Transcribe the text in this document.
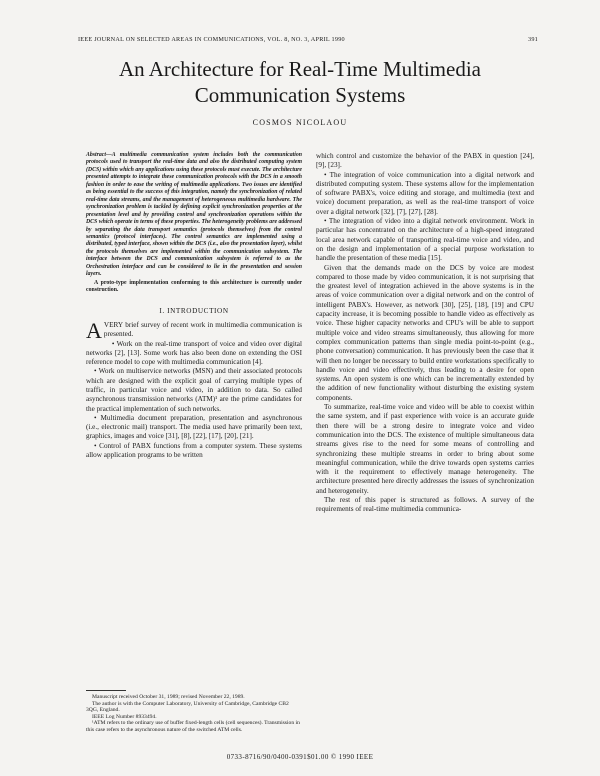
IEEE JOURNAL ON SELECTED AREAS IN COMMUNICATIONS, VOL. 8, NO. 3, APRIL 1990	391
An Architecture for Real-Time Multimedia Communication Systems
COSMOS NICOLAOU

Abstract—A multimedia communication system includes both the communication protocols used to transport the real-time data and also the distributed computing system (DCS) within which any applications using these protocols must execute. The architecture presented attempts to integrate these communication protocols with the DCS in a smooth fashion in order to ease the writing of multimedia applications. Two issues are identified as being essential to the success of this integration, namely the synchronization of related real-time data streams, and the management of heterogeneous multimedia hardware. The synchronization problem is tackled by defining explicit synchronization properties at the presentation level and by providing control and synchronization operations within the DCS which operate in terms of these properties. The heterogeneity problems are addressed by separating the data transport semantics (protocols themselves) from the control semantics (protocol interfaces). The control semantics are implemented using a distributed, typed interface, shown within the DCS (i.e., also the presentation layer), whilst the protocols themselves are implemented within the communication subsystem. The interface between the DCS and communication subsystem is referred to as the Orchestration interface and can be considered to lie in the presentation and session layers.

A proto-type implementation conforming to this architecture is currently under construction.

I. INTRODUCTION

AVERY brief survey of recent work in multimedia communication is presented.

• Work on the real-time transport of voice and video over digital networks [2], [13]. Some work has also been done on extending the OSI reference model to cope with multimedia communication [4].

• Work on multiservice networks (MSN) and their associated protocols which are designed with the explicit goal of carrying multiple types of traffic, in particular voice and video, in addition to data. So called asynchronous transmission networks (ATM)¹ are the prime candidates for the practical implementation of such networks.

• Multimedia document preparation, presentation and asynchronous (i.e., electronic mail) transport. The media used have primarily been text, graphics, images and voice [31], [8], [22], [17], [20], [21].

• Control of PABX functions from a computer system. These systems allow application programs to be written

Manuscript received October 31, 1989; revised November 22, 1989.

The author is with the Computer Laboratory, University of Cambridge, Cambridge CB2 3QG, England.

IEEE Log Number 8933494.

¹ATM refers to the ordinary use of buffer fixed-length cells (cell sequences). Transmission in this case refers to the asynchronous nature of the switched ATM cells.

which control and customize the behavior of the PABX in question [24], [9], [23].

• The integration of voice communication into a digital network and distributed computing system. These systems allow for the implementation of software PABX's, voice editing and storage, and multimedia (text and voice) document preparation, as well as the real-time transport of voice over a digital network [32], [7], [27], [28].

• The integration of video into a digital network environment. Work in particular has concentrated on the architecture of a high-speed integrated local area network capable of transporting real-time voice and video, and on the design and implementation of a special purpose workstation to handle the presentation of these media [15].

Given that the demands made on the DCS by voice are modest compared to those made by video communication, it is not surprising that the greatest level of integration achieved in the above systems is in the areas of voice communication over a digital network and on the control of intelligent PABX's. However, as network [30], [25], [18], [19] and CPU capacity increase, it is becoming possible to handle video as effectively as voice. These higher capacity networks and CPU's will be able to support multiple voice and video streams simultaneously, thus allowing for more complex communication patterns than single media point-to-point (e.g., phone conversation) communication. It has previously been the case that it will then no longer be necessary to build entire workstations specifically to handle voice and video effectively, thus leading to a desire for open systems. An open system is one which can be incrementally extended by the addition of new functionality without disturbing the existing system components.

To summarize, real-time voice and video will be able to coexist within the same system, and if past experience with voice is an accurate guide then there will be a strong desire to integrate voice and video communication into the DCS. The existence of multiple simultaneous data streams gives rise to the need for some means of controlling and synchronizing these multiple streams in order to bring about some meaningful communication, while the drive towards open systems carries with it the requirement to effectively manage heterogeneity. The architecture presented here directly addresses the issues of synchronization and heterogeneity.

The rest of this paper is structured as follows. A survey of the requirements of real-time multimedia communica-

0733-8716/90/0400-0391$01.00 © 1990 IEEE
